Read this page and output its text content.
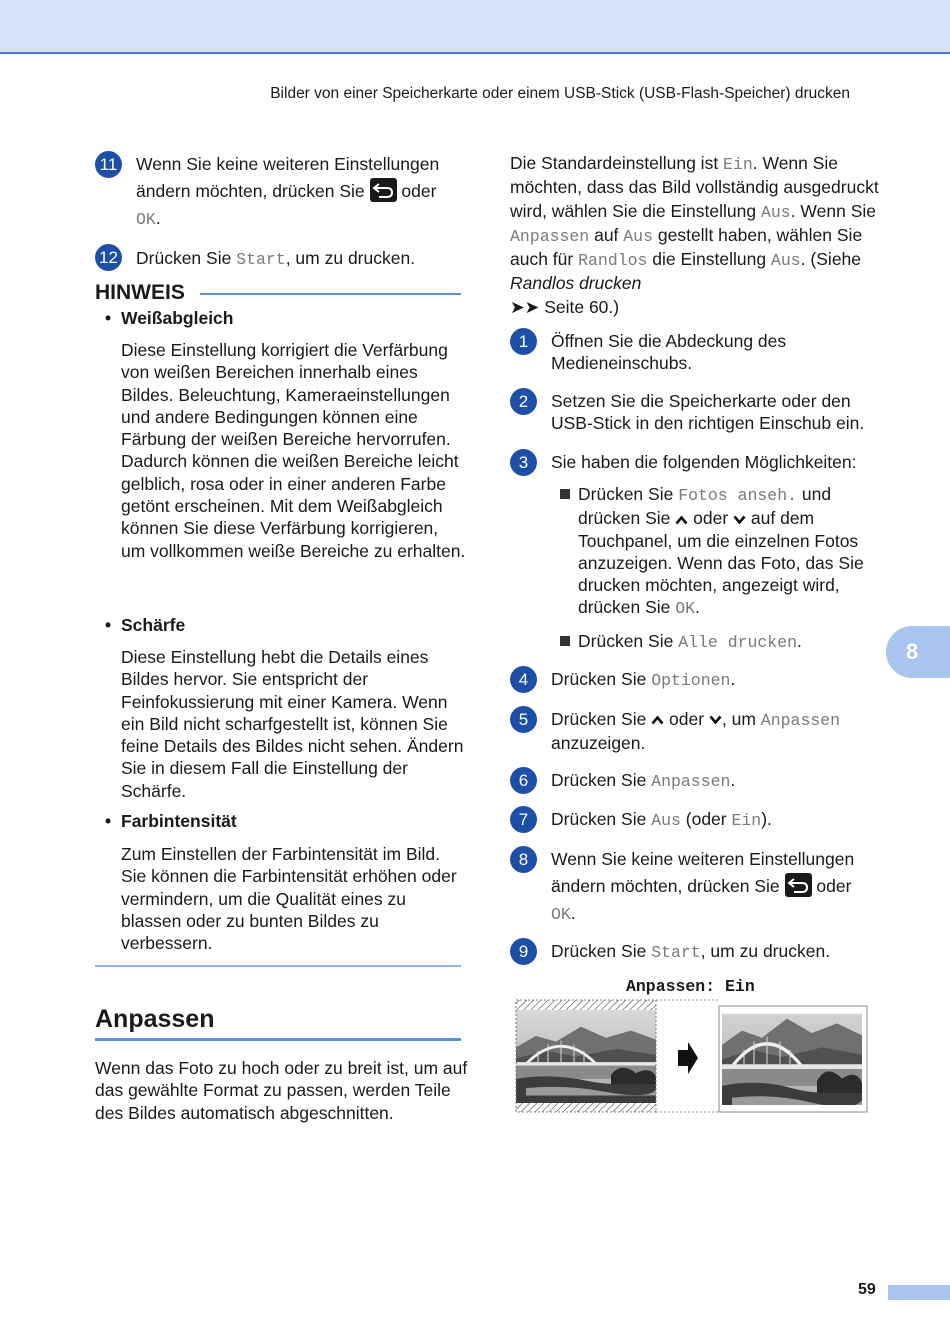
Bilder von einer Speicherkarte oder einem USB-Stick (USB-Flash-Speicher) drucken
11 Wenn Sie keine weiteren Einstellungen ändern möchten, drücken Sie oder
OK.

12 Drücken Sie Start, um zu drucken.

HINWEIS
• Weißabgleich

Diese Einstellung korrigiert die Verfärbung von weißen Bereichen innerhalb eines Bildes. Beleuchtung, Kameraeinstellungen und andere Bedingungen können eine Färbung der weißen Bereiche hervorrufen. Dadurch können die weißen Bereiche leicht gelblich, rosa oder in einer anderen Farbe getönt erscheinen. Mit dem Weißabgleich können Sie diese Verfärbung korrigieren, um vollkommen weiße Bereiche zu erhalten.

• Schärfe

Diese Einstellung hebt die Details eines Bildes hervor. Sie entspricht der Feinfokussierung mit einer Kamera. Wenn ein Bild nicht scharfgestellt ist, können Sie feine Details des Bildes nicht sehen. Ändern Sie in diesem Fall die Einstellung der Schärfe.

• Farbintensität

Zum Einstellen der Farbintensität im Bild. Sie können die Farbintensität erhöhen oder vermindern, um die Qualität eines zu blassen oder zu bunten Bildes zu verbessern.

Anpassen

Wenn das Foto zu hoch oder zu breit ist, um auf das gewählte Format zu passen, werden Teile des Bildes automatisch abgeschnitten.

Die Standardeinstellung ist Ein. Wenn Sie möchten, dass das Bild vollständig ausgedruckt wird, wählen Sie die Einstellung Aus. Wenn Sie Anpassen auf Aus gestellt haben, wählen Sie auch für Randlos die Einstellung Aus. (Siehe Randlos drucken
➤➤ Seite 60.)

1	Öffnen Sie die Abdeckung des Medieneinschubs.

2	Setzen Sie die Speicherkarte oder den USB-Stick in den richtigen Einschub ein.

3	Sie haben die folgenden Möglichkeiten:

Drücken Sie Fotos anseh. und drücken Sie  oder  auf dem Touchpanel, um die einzelnen Fotos anzuzeigen. Wenn das Foto, das Sie drucken möchten, angezeigt wird, drücken Sie OK.

Drücken Sie Alle drucken.

4	Drücken Sie Optionen.

5	Drücken Sie  oder , um Anpassen
anzuzeigen.

6	Drücken Sie Anpassen.

7	Drücken Sie Aus (oder Ein).

8	Wenn Sie keine weiteren Einstellungen ändern möchten, drücken Sie oder
OK.

9	Drücken Sie Start, um zu drucken.

Anpassen: Ein
8
59
